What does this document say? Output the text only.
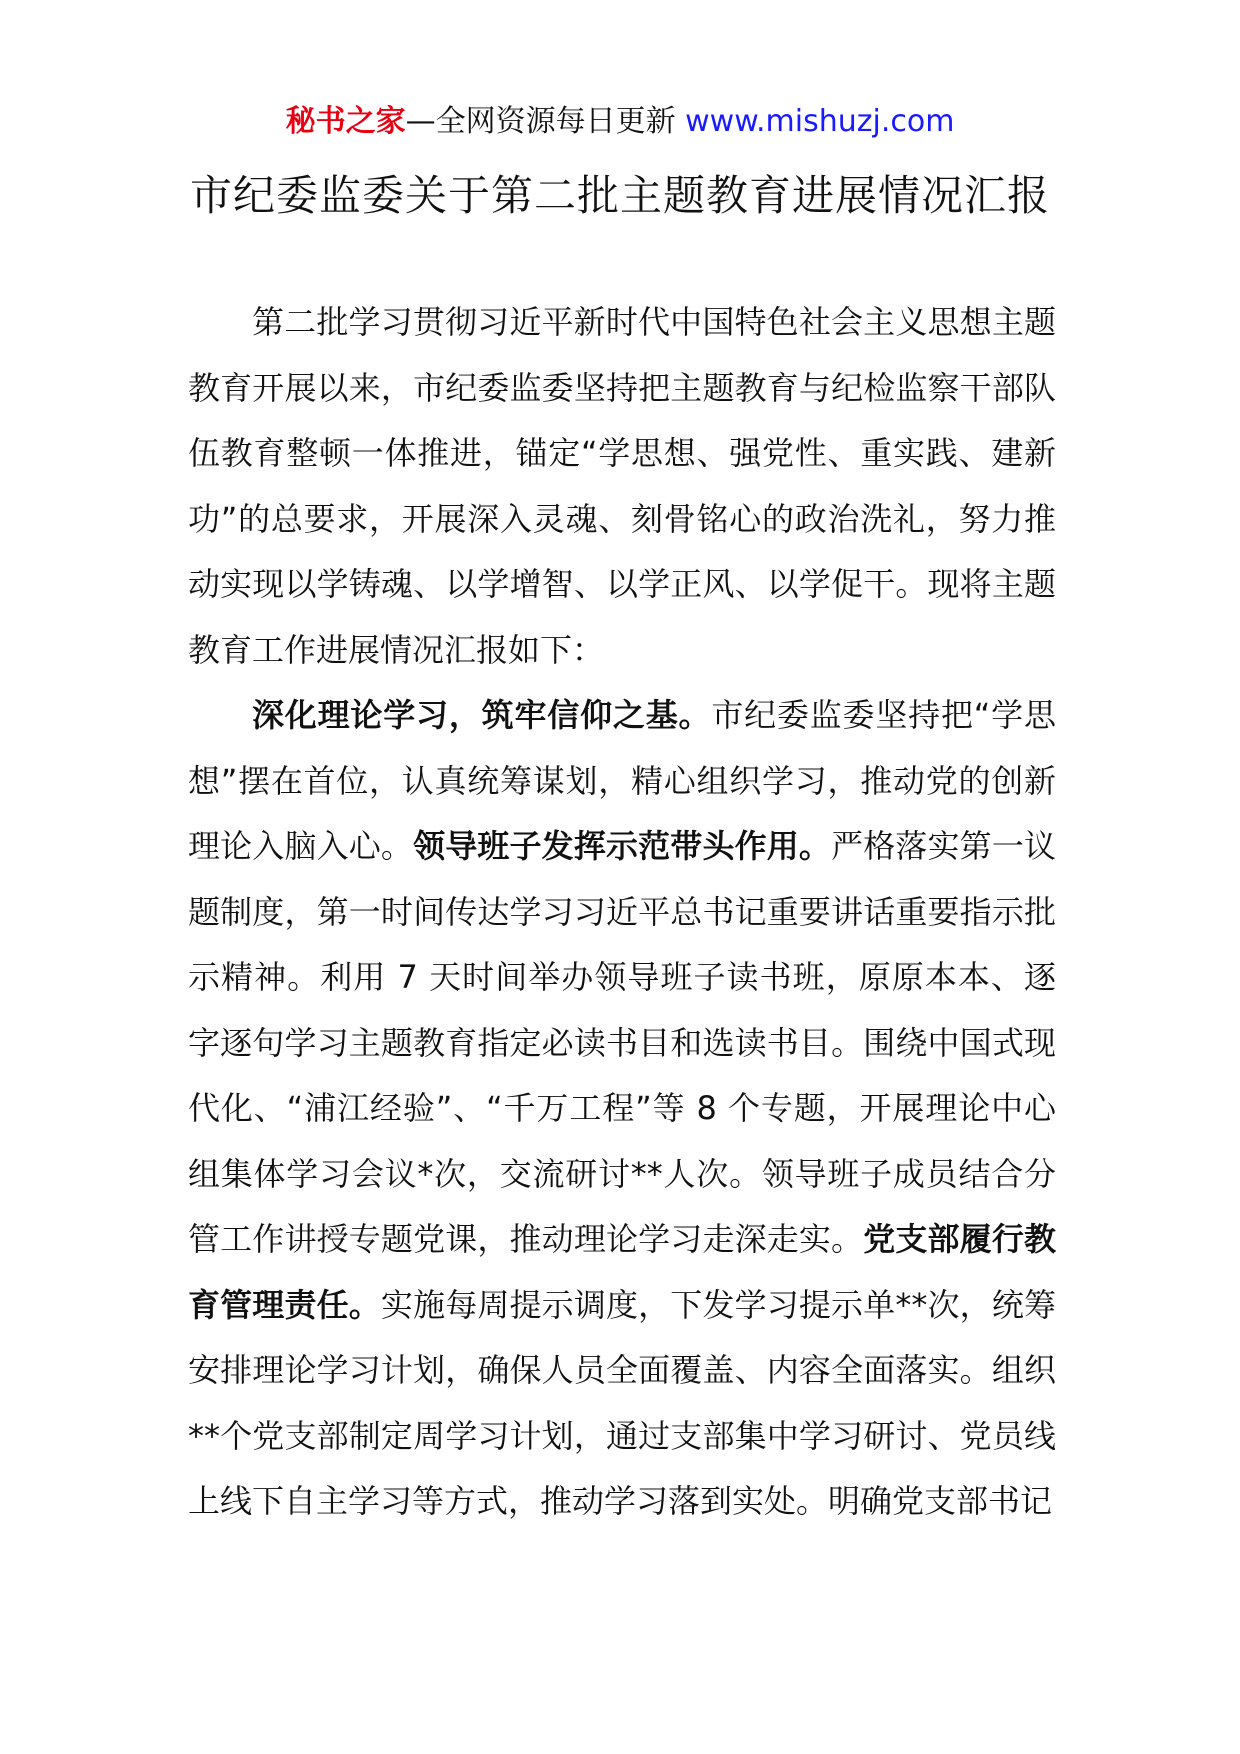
秘书之家—全网资源每日更新 www.mishuzj.com
市纪委监委关于第二批主题教育进展情况汇报

第二批学习贯彻习近平新时代中国特色社会主义思想主题教育开展以来，市纪委监委坚持把主题教育与纪检监察干部队伍教育整顿一体推进，锚定“学思想、强党性、重实践、建新功”的总要求，开展深入灵魂、刻骨铭心的政治洗礼，努力推动实现以学铸魂、以学增智、以学正风、以学促干。现将主题教育工作进展情况汇报如下：

深化理论学习，筑牢信仰之基。市纪委监委坚持把“学思想”摆在首位，认真统筹谋划，精心组织学习，推动党的创新理论入脑入心。领导班子发挥示范带头作用。严格落实第一议题制度，第一时间传达学习习近平总书记重要讲话重要指示批示精神。利用 7 天时间举办领导班子读书班，原原本本、逐字逐句学习主题教育指定必读书目和选读书目。围绕中国式现代化、“浦江经验”、“千万工程”等 8 个专题，开展理论中心组集体学习会议*次，交流研讨**人次。领导班子成员结合分管工作讲授专题党课，推动理论学习走深走实。党支部履行教育管理责任。实施每周提示调度，下发学习提示单**次，统筹安排理论学习计划，确保人员全面覆盖、内容全面落实。组织**个党支部制定周学习计划，通过支部集中学习研讨、党员线上线下自主学习等方式，推动学习落到实处。明确党支部书记
